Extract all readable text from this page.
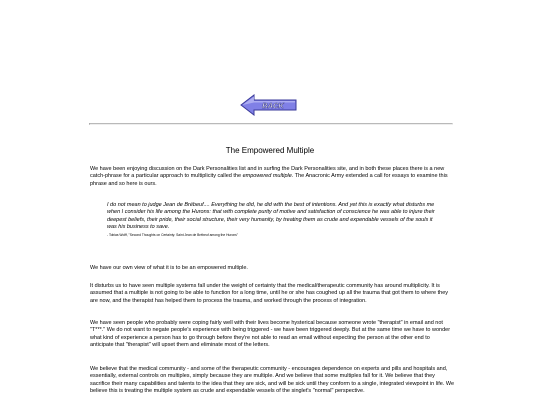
BACK
The Empowered Multiple

We have been enjoying discussion on the Dark Personalities list and in surfing the Dark Personalities site, and in both these places there is a new catch-phrase for a particular approach to multiplicity called the empowered multiple. The Anacronic Army extended a call for essays to examine this phrase and so here is ours.

I do not mean to judge Jean de Brébeuf.... Everything he did, he did with the best of intentions. And yet this is exactly what disturbs me when I consider his life among the Hurons: that with complete purity of motive and satisfaction of conscience he was able to injure their deepest beliefs, their pride, their social structure, their very humanity, by treating them as crude and expendable vessels of the souls it was his business to save.

- Tobias Wolff, "Second Thoughts on Certainty: Saint Jean de Brébeuf among the Hurons"

We have our own view of what it is to be an empowered multiple.

It disturbs us to have seen multiple systems fall under the weight of certainty that the medical/therapeutic community has around multiplicity. It is assumed that a multiple is not going to be able to function for a long time, until he or she has coughed up all the trauma that got them to where they are now, and the therapist has helped them to process the trauma, and worked through the process of integration.

We have seen people who probably were coping fairly well with their lives become hysterical because someone wrote "therapist" in email and not "T***." We do not want to negate people's experience with being triggered - we have been triggered deeply. But at the same time we have to wonder what kind of experience a person has to go through before they're not able to read an email without expecting the person at the other end to anticipate that "therapist" will upset them and eliminate most of the letters.

We believe that the medical community - and some of the therapeutic community - encourages dependence on experts and pills and hospitals and, essentially, external controls on multiples, simply because they are multiple. And we believe that some multiples fall for it. We believe that they sacrifice their many capabilities and talents to the idea that they are sick, and will be sick until they conform to a single, integrated viewpoint in life. We believe this is treating the multiple system as crude and expendable vessels of the singlet's "normal" perspective.
